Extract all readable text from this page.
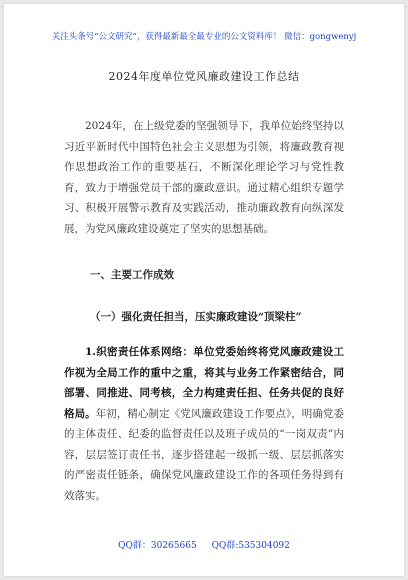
关注头条号“公文研究”，获得最新最全最专业的公文资料库！ 微信：gongwenyj
2024年度单位党风廉政建设工作总结
2024年，在上级党委的坚强领导下，我单位始终坚持以习近平新时代中国特色社会主义思想为引领，将廉政教育视作思想政治工作的重要基石，不断深化理论学习与党性教育，致力于增强党员干部的廉政意识。通过精心组织专题学习、积极开展警示教育及实践活动，推动廉政教育向纵深发展，为党风廉政建设奠定了坚实的思想基础。
一、主要工作成效
（一）强化责任担当，压实廉政建设“顶梁柱”
1.织密责任体系网络：单位党委始终将党风廉政建设工作视为全局工作的重中之重，将其与业务工作紧密结合，同部署、同推进、同考核，全力构建责任担、任务共促的良好格局。年初，精心制定《党风廉政建设工作要点》，明确党委的主体责任、纪委的监督责任以及班子成员的“一岗双责”内容，层层签订责任书，逐步搭建起一级抓一级、层层抓落实的严密责任链条，确保党风廉政建设工作的各项任务得到有效落实。
QQ群：30265665 QQ群:535304092
